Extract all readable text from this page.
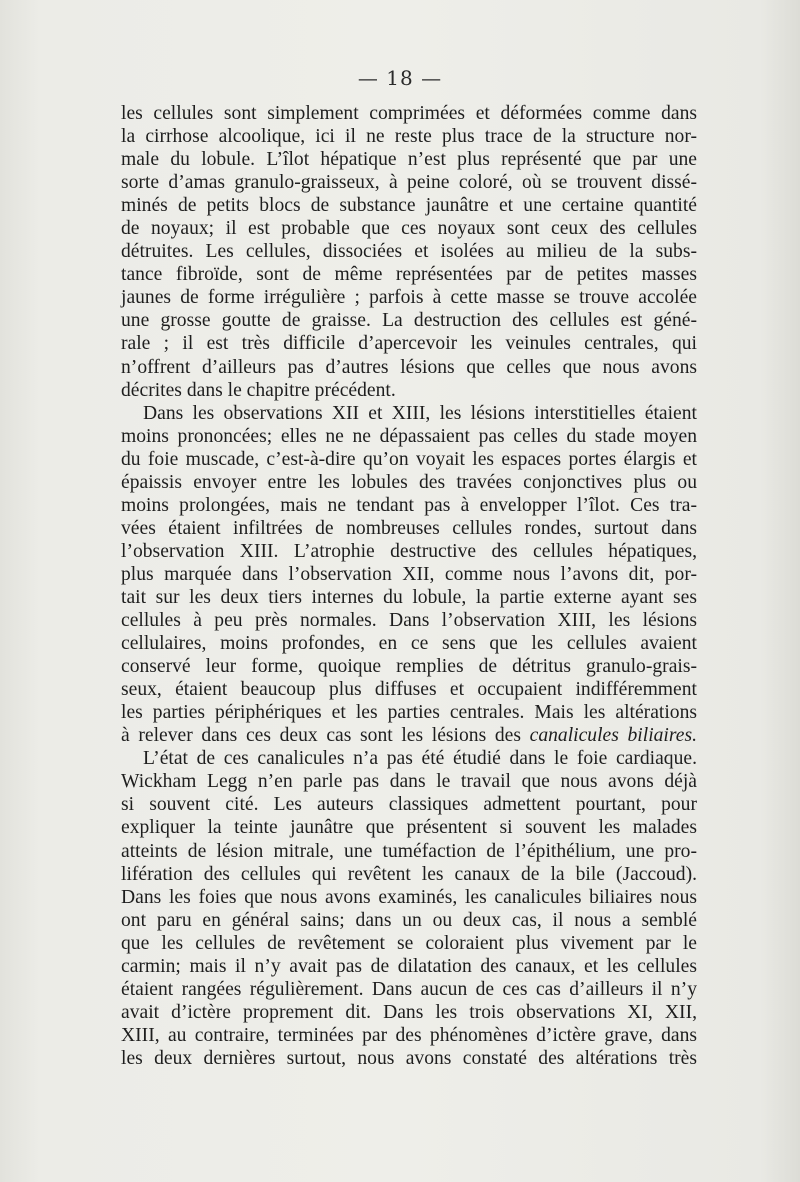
— 18 —
les cellules sont simplement comprimées et déformées comme dans
la cirrhose alcoolique, ici il ne reste plus trace de la structure nor-
male du lobule. L’îlot hépatique n’est plus représenté que par une
sorte d’amas granulo-graisseux, à peine coloré, où se trouvent dissé-
minés de petits blocs de substance jaunâtre et une certaine quantité
de noyaux; il est probable que ces noyaux sont ceux des cellules
détruites. Les cellules, dissociées et isolées au milieu de la subs-
tance fibroïde, sont de même représentées par de petites masses
jaunes de forme irrégulière ; parfois à cette masse se trouve accolée
une grosse goutte de graisse. La destruction des cellules est géné-
rale ; il est très difficile d’apercevoir les veinules centrales, qui
n’offrent d’ailleurs pas d’autres lésions que celles que nous avons
décrites dans le chapitre précédent.
Dans les observations XII et XIII, les lésions interstitielles étaient
moins prononcées; elles ne ne dépassaient pas celles du stade moyen
du foie muscade, c’est-à-dire qu’on voyait les espaces portes élargis et
épaissis envoyer entre les lobules des travées conjonctives plus ou
moins prolongées, mais ne tendant pas à envelopper l’îlot. Ces tra-
vées étaient infiltrées de nombreuses cellules rondes, surtout dans
l’observation XIII. L’atrophie destructive des cellules hépatiques,
plus marquée dans l’observation XII, comme nous l’avons dit, por-
tait sur les deux tiers internes du lobule, la partie externe ayant ses
cellules à peu près normales. Dans l’observation XIII, les lésions
cellulaires, moins profondes, en ce sens que les cellules avaient
conservé leur forme, quoique remplies de détritus granulo-grais-
seux, étaient beaucoup plus diffuses et occupaient indifféremment
les parties périphériques et les parties centrales. Mais les altérations
à relever dans ces deux cas sont les lésions des canalicules biliaires.
L’état de ces canalicules n’a pas été étudié dans le foie cardiaque.
Wickham Legg n’en parle pas dans le travail que nous avons déjà
si souvent cité. Les auteurs classiques admettent pourtant, pour
expliquer la teinte jaunâtre que présentent si souvent les malades
atteints de lésion mitrale, une tuméfaction de l’épithélium, une pro-
lifération des cellules qui revêtent les canaux de la bile (Jaccoud).
Dans les foies que nous avons examinés, les canalicules biliaires nous
ont paru en général sains; dans un ou deux cas, il nous a semblé
que les cellules de revêtement se coloraient plus vivement par le
carmin; mais il n’y avait pas de dilatation des canaux, et les cellules
étaient rangées régulièrement. Dans aucun de ces cas d’ailleurs il n’y
avait d’ictère proprement dit. Dans les trois observations XI, XII,
XIII, au contraire, terminées par des phénomènes d’ictère grave, dans
les deux dernières surtout, nous avons constaté des altérations très
